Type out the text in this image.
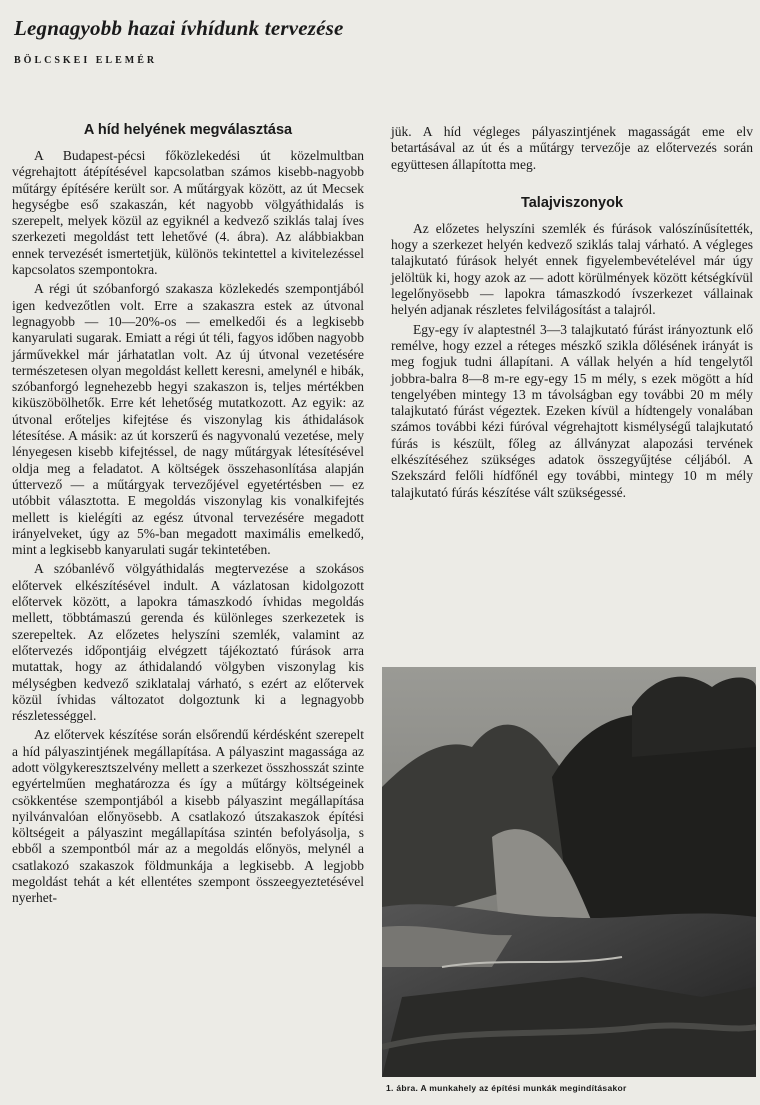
Legnagyobb hazai ívhídunk tervezése
BÖLCSKEI ELEMÉR
A híd helyének megválasztása

A Budapest-pécsi főközlekedési út közelmultban végrehajtott átépítésével kapcsolatban számos kisebb-nagyobb műtárgy építésére került sor. A műtárgyak között, az út Mecsek hegységbe eső szakaszán, két nagyobb völgyáthidalás is szerepelt, melyek közül az egyiknél a kedvező sziklás talaj íves szerkezeti megoldást tett lehetővé (4. ábra). Az alábbiakban ennek tervezését ismertetjük, különös tekintettel a kivitelezéssel kapcsolatos szempontokra.

A régi út szóbanforgó szakasza közlekedés szempontjából igen kedvezőtlen volt. Erre a szakaszra estek az útvonal legnagyobb — 10—20%-os — emelkedői és a legkisebb kanyarulati sugarak. Emiatt a régi út téli, fagyos időben nagyobb járművekkel már járhatatlan volt. Az új útvonal vezetésére természetesen olyan megoldást kellett keresni, amelynél e hibák, szóbanforgó legnehezebb hegyi szakaszon is, teljes mértékben kiküszöbölhetők. Erre két lehetőség mutatkozott. Az egyik: az útvonal erőteljes kifejtése és viszonylag kis áthidalások létesítése. A másik: az út korszerű és nagyvonalú vezetése, mely lényegesen kisebb kifejtéssel, de nagy műtárgyak létesítésével oldja meg a feladatot. A költségek összehasonlítása alapján úttervező — a műtárgyak tervezőjével egyetértésben — ez utóbbit választotta. E megoldás viszonylag kis vonalkifejtés mellett is kielégíti az egész útvonal tervezésére megadott irányelveket, úgy az 5%-ban megadott maximális emelkedő, mint a legkisebb kanyarulati sugár tekintetében.

A szóbanlévő völgyáthidalás megtervezése a szokásos előtervek elkészítésével indult. A vázlatosan kidolgozott előtervek között, a lapokra támaszkodó ívhidas megoldás mellett, többtámaszú gerenda és különleges szerkezetek is szerepeltek. Az előzetes helyszíni szemlék, valamint az előtervezés időpontjáig elvégzett tájékoztató fúrások arra mutattak, hogy az áthidalandó völgyben viszonylag kis mélységben kedvező sziklatalaj várható, s ezért az előtervek közül ívhidas változatot dolgoztunk ki a legnagyobb részletességgel.

Az előtervek készítése során elsőrendű kérdésként szerepelt a híd pályaszintjének megállapítása. A pályaszint magassága az adott völgykeresztszelvény mellett a szerkezet összhosszát szinte egyértelműen meghatározza és így a műtárgy költségeinek csökkentése szempontjából a kisebb pályaszint megállapítása nyilvánvalóan előnyösebb. A csatlakozó útszakaszok építési költségeit a pályaszint megállapítása szintén befolyásolja, s ebből a szempontból már az a megoldás előnyös, melynél a csatlakozó szakaszok földmunkája a legkisebb. A legjobb megoldást tehát a két ellentétes szempont összeegyeztetésével nyerhet-

jük. A híd végleges pályaszintjének magasságát eme elv betartásával az út és a műtárgy tervezője az előtervezés során együttesen állapította meg.

Talajviszonyok

Az előzetes helyszíni szemlék és fúrások valószínűsítették, hogy a szerkezet helyén kedvező sziklás talaj várható. A végleges talajkutató fúrások helyét ennek figyelembevételével már úgy jelöltük ki, hogy azok az — adott körülmények között kétségkívül legelőnyösebb — lapokra támaszkodó ívszerkezet vállainak helyén adjanak részletes felvilágosítást a talajról.

Egy-egy ív alaptestnél 3—3 talajkutató fúrást irányoztunk elő remélve, hogy ezzel a réteges mészkő szikla dőlésének irányát is meg fogjuk tudni állapítani. A vállak helyén a híd tengelytől jobbra-balra 8—8 m-re egy-egy 15 m mély, s ezek mögött a híd tengelyében mintegy 13 m távolságban egy további 20 m mély talajkutató fúrást végeztek. Ezeken kívül a hídtengely vonalában számos további kézi fúróval végrehajtott kismélységű talajkutató fúrás is készült, főleg az állványzat alapozási tervének elkészítéséhez szükséges adatok összegyűjtése céljából. A Szekszárd felőli hídfőnél egy további, mintegy 10 m mély talajkutató fúrás készítése vált szükségessé.

1. ábra. A munkahely az építési munkák megindításakor
